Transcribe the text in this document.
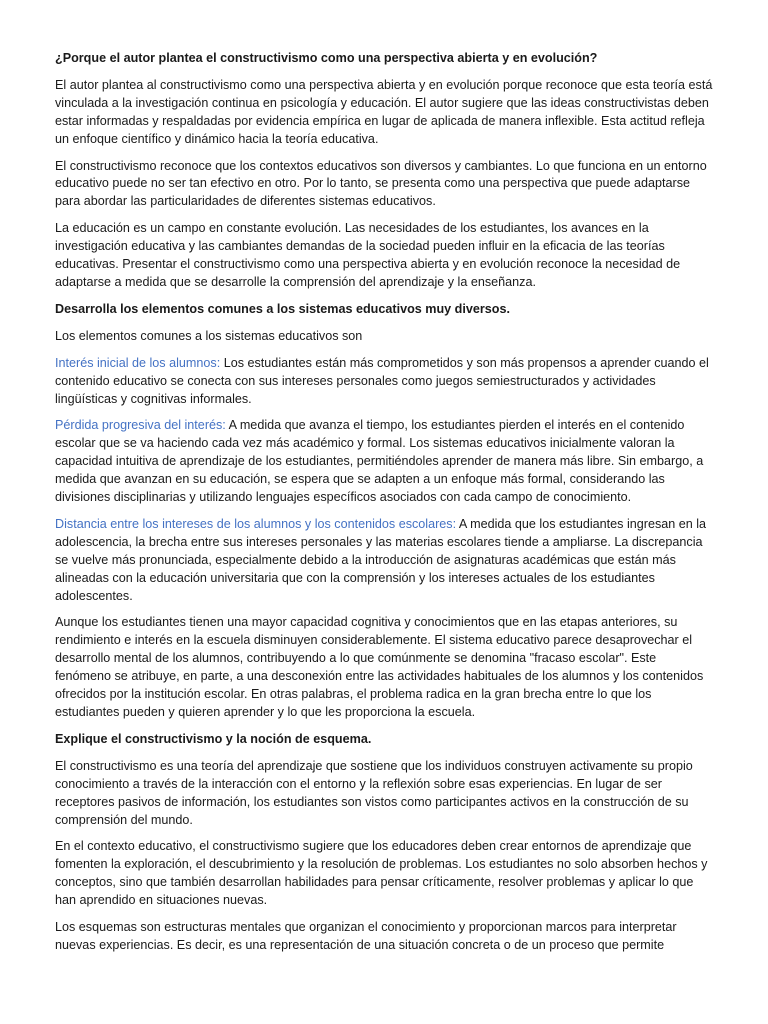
¿Porque el autor plantea el constructivismo como una perspectiva abierta y en evolución?

El autor plantea al constructivismo como una perspectiva abierta y en evolución porque reconoce que esta teoría está vinculada a la investigación continua en psicología y educación. El autor sugiere que las ideas constructivistas deben estar informadas y respaldadas por evidencia empírica en lugar de aplicada de manera inflexible. Esta actitud refleja un enfoque científico y dinámico hacia la teoría educativa.

El constructivismo reconoce que los contextos educativos son diversos y cambiantes. Lo que funciona en un entorno educativo puede no ser tan efectivo en otro. Por lo tanto, se presenta como una perspectiva que puede adaptarse para abordar las particularidades de diferentes sistemas educativos.

La educación es un campo en constante evolución. Las necesidades de los estudiantes, los avances en la investigación educativa y las cambiantes demandas de la sociedad pueden influir en la eficacia de las teorías educativas. Presentar el constructivismo como una perspectiva abierta y en evolución reconoce la necesidad de adaptarse a medida que se desarrolle la comprensión del aprendizaje y la enseñanza.

Desarrolla los elementos comunes a los sistemas educativos muy diversos.

Los elementos comunes a los sistemas educativos son

Interés inicial de los alumnos: Los estudiantes están más comprometidos y son más propensos a aprender cuando el contenido educativo se conecta con sus intereses personales como juegos semiestructurados y actividades lingüísticas y cognitivas informales.

Pérdida progresiva del interés: A medida que avanza el tiempo, los estudiantes pierden el interés en el contenido escolar que se va haciendo cada vez más académico y formal. Los sistemas educativos inicialmente valoran la capacidad intuitiva de aprendizaje de los estudiantes, permitiéndoles aprender de manera más libre. Sin embargo, a medida que avanzan en su educación, se espera que se adapten a un enfoque más formal, considerando las divisiones disciplinarias y utilizando lenguajes específicos asociados con cada campo de conocimiento.

Distancia entre los intereses de los alumnos y los contenidos escolares: A medida que los estudiantes ingresan en la adolescencia, la brecha entre sus intereses personales y las materias escolares tiende a ampliarse. La discrepancia se vuelve más pronunciada, especialmente debido a la introducción de asignaturas académicas que están más alineadas con la educación universitaria que con la comprensión y los intereses actuales de los estudiantes adolescentes.

Aunque los estudiantes tienen una mayor capacidad cognitiva y conocimientos que en las etapas anteriores, su rendimiento e interés en la escuela disminuyen considerablemente. El sistema educativo parece desaprovechar el desarrollo mental de los alumnos, contribuyendo a lo que comúnmente se denomina "fracaso escolar". Este fenómeno se atribuye, en parte, a una desconexión entre las actividades habituales de los alumnos y los contenidos ofrecidos por la institución escolar. En otras palabras, el problema radica en la gran brecha entre lo que los estudiantes pueden y quieren aprender y lo que les proporciona la escuela.

Explique el constructivismo y la noción de esquema.

El constructivismo es una teoría del aprendizaje que sostiene que los individuos construyen activamente su propio conocimiento a través de la interacción con el entorno y la reflexión sobre esas experiencias. En lugar de ser receptores pasivos de información, los estudiantes son vistos como participantes activos en la construcción de su comprensión del mundo.

En el contexto educativo, el constructivismo sugiere que los educadores deben crear entornos de aprendizaje que fomenten la exploración, el descubrimiento y la resolución de problemas. Los estudiantes no solo absorben hechos y conceptos, sino que también desarrollan habilidades para pensar críticamente, resolver problemas y aplicar lo que han aprendido en situaciones nuevas.

Los esquemas son estructuras mentales que organizan el conocimiento y proporcionan marcos para interpretar nuevas experiencias. Es decir, es una representación de una situación concreta o de un proceso que permite
